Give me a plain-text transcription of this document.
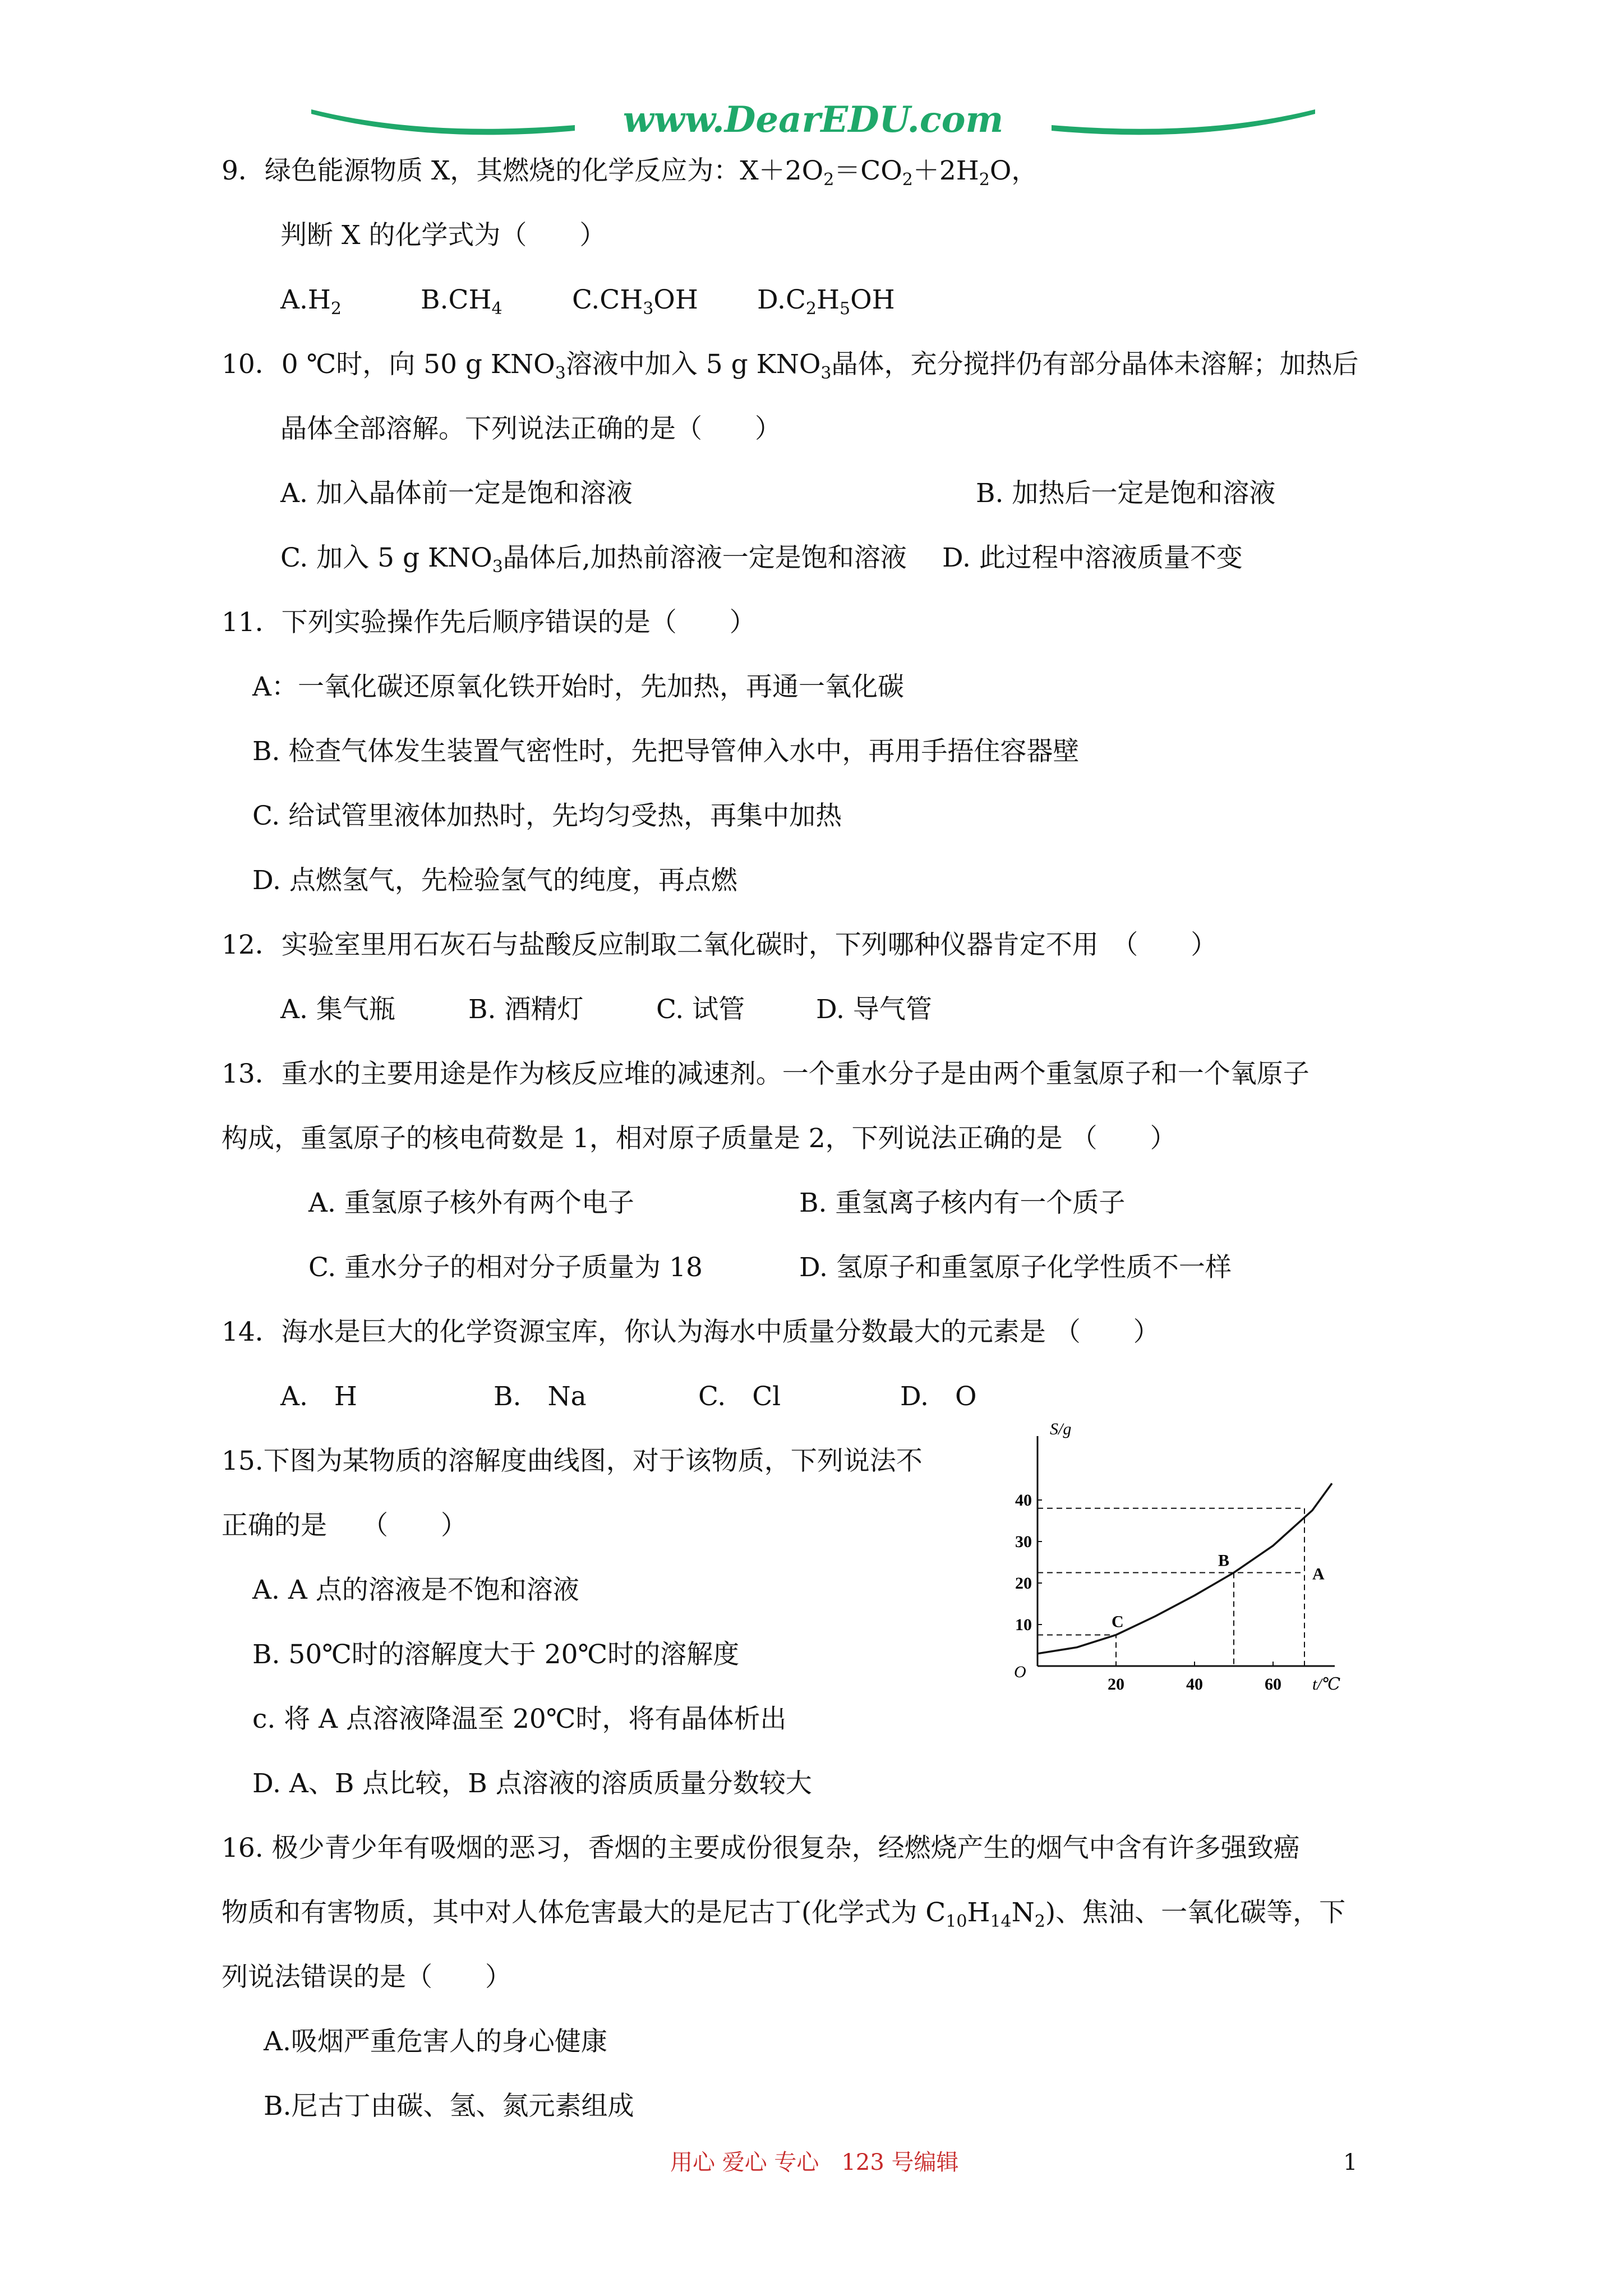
www.DearEDU.com
9．绿色能源物质 X，其燃烧的化学反应为：$X+2O_2=CO_2+2H_2O$，
判断 X 的化学式为（　　）
$A.H_2$	$B.CH_4$	$C.CH_3OH$ $D.C_2H_5OH$
10．0 ℃时，向 50 g $KNO_3$溶液中加入 5 g $KNO_3$晶体，充分搅拌仍有部分晶体未溶解；加热后
晶体全部溶解。下列说法正确的是（　　）
A. 加入晶体前一定是饱和溶液	B. 加热后一定是饱和溶液
C. 加入 5 g $KNO_3$晶体后,加热前溶液一定是饱和溶液 D. 此过程中溶液质量不变
11．下列实验操作先后顺序错误的是（　　）
A：一氧化碳还原氧化铁开始时，先加热，再通一氧化碳
B. 检查气体发生装置气密性时，先把导管伸入水中，再用手捂住容器壁
C. 给试管里液体加热时，先均匀受热，再集中加热
D. 点燃氢气，先检验氢气的纯度，再点燃
12．实验室里用石灰石与盐酸反应制取二氧化碳时，下列哪种仪器肯定不用　（　　）
A. 集气瓶	B. 酒精灯	C. 试管	D. 导气管
13．重水的主要用途是作为核反应堆的减速剂。一个重水分子是由两个重氢原子和一个氧原子
构成，重氢原子的核电荷数是 1，相对原子质量是 2，下列说法正确的是 （　　）
A. 重氢原子核外有两个电子	B. 重氢离子核内有一个质子
C. 重水分子的相对分子质量为 18	D. 氢原子和重氢原子化学性质不一样
14．海水是巨大的化学资源宝库，你认为海水中质量分数最大的元素是 （　　）
A.　H	B.　Na	C.　Cl	D.　O
15.下图为某物质的溶解度曲线图，对于该物质，下列说法不
正确的是　 （　　）
A. A 点的溶液是不饱和溶液
B. 50℃时的溶解度大于 20℃时的溶解度
c. 将 A 点溶液降温至 20℃时，将有晶体析出
D. A、B 点比较，B 点溶液的溶质质量分数较大
S/g
t/℃
O
20	40	60
10
20
30
40
C
B
A
16. 极少青少年有吸烟的恶习，香烟的主要成份很复杂，经燃烧产生的烟气中含有许多强致癌
物质和有害物质，其中对人体危害最大的是尼古丁(化学式为 $C_{10}H_{14}N_2$)、焦油、一氧化碳等，下
列说法错误的是（　　）
A.吸烟严重危害人的身心健康
B.尼古丁由碳、氢、氮元素组成
用心 爱心 专心　123 号编辑	1
